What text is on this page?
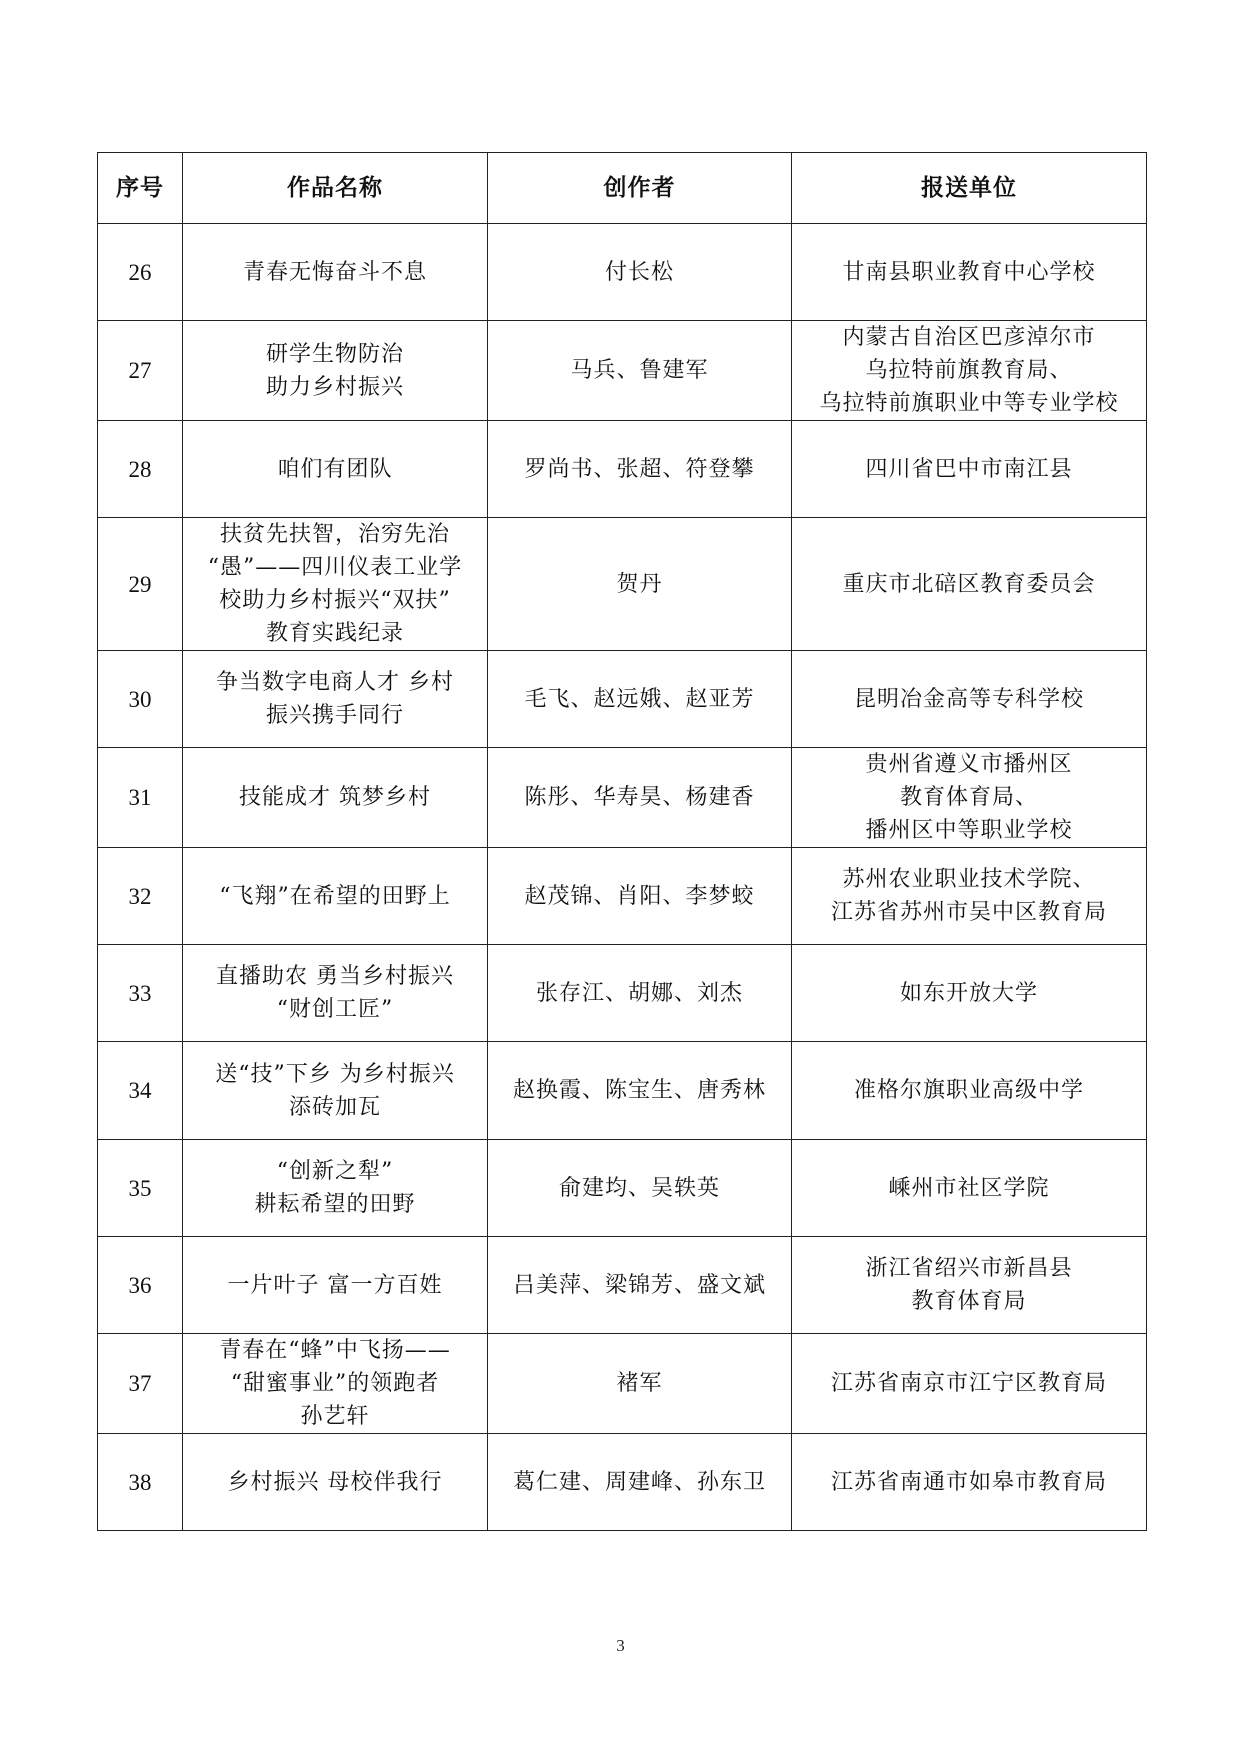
序号	作品名称	创作者	报送单位
26	青春无悔奋斗不息	付长松	甘南县职业教育中心学校

27	研学生物防治
助力乡村振兴	马兵、鲁建军	内蒙古自治区巴彦淖尔市
乌拉特前旗教育局、
乌拉特前旗职业中等专业学校

28	咱们有团队	罗尚书、张超、符登攀	四川省巴中市南江县

29	扶贫先扶智，治穷先治
“愚”——四川仪表工业学
校助力乡村振兴“双扶”
教育实践纪录	贺丹	重庆市北碚区教育委员会

30	争当数字电商人才 乡村
振兴携手同行	毛飞、赵远娥、赵亚芳	昆明冶金高等专科学校

31	技能成才 筑梦乡村	陈彤、华寿昊、杨建香	贵州省遵义市播州区
教育体育局、
播州区中等职业学校

32	“飞翔”在希望的田野上	赵茂锦、肖阳、李梦蛟	苏州农业职业技术学院、
江苏省苏州市吴中区教育局

33	直播助农 勇当乡村振兴
“财创工匠”	张存江、胡娜、刘杰	如东开放大学

34	送“技”下乡 为乡村振兴
添砖加瓦	赵换霞、陈宝生、唐秀林	准格尔旗职业高级中学

35	“创新之犁”
耕耘希望的田野	俞建均、吴轶英	嵊州市社区学院

36	一片叶子 富一方百姓	吕美萍、梁锦芳、盛文斌	浙江省绍兴市新昌县
教育体育局

37	青春在“蜂”中飞扬——
“甜蜜事业”的领跑者
孙艺轩	褚军	江苏省南京市江宁区教育局

38	乡村振兴 母校伴我行	葛仁建、周建峰、孙东卫	江苏省南通市如皋市教育局
3
